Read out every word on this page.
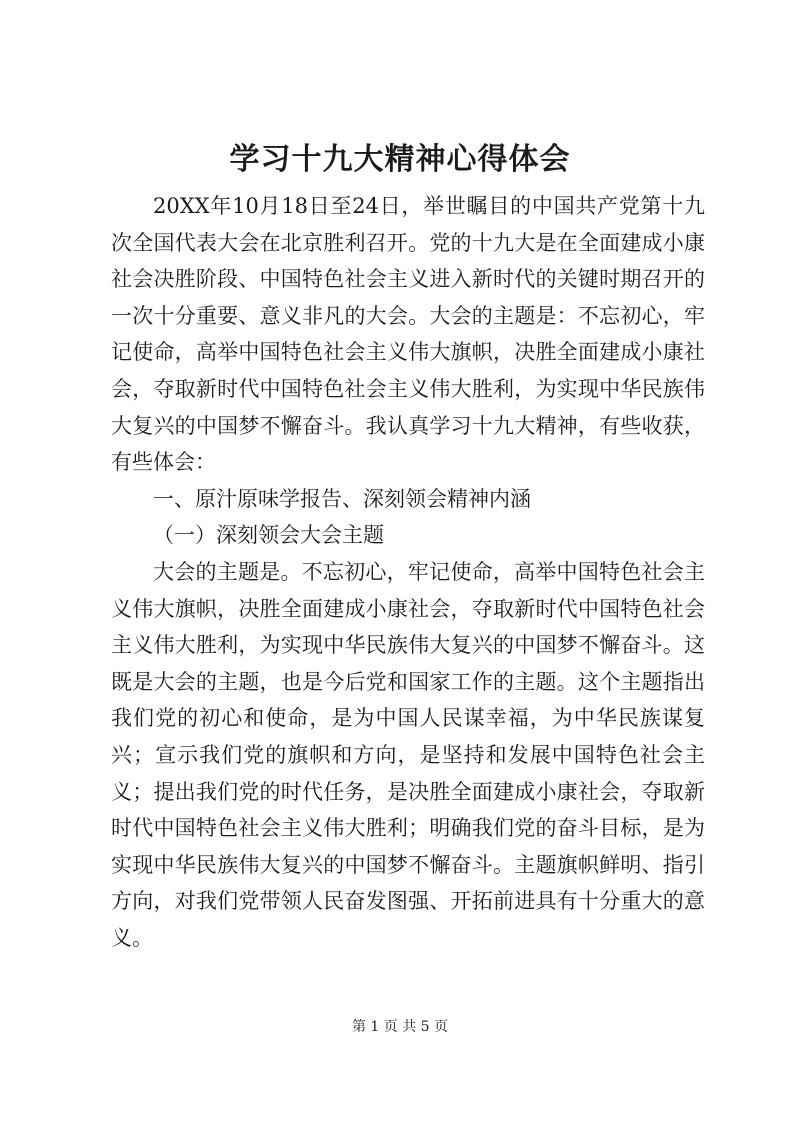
学习十九大精神心得体会

20XX年10月18日至24日，举世瞩目的中国共产党第十九次全国代表大会在北京胜利召开。党的十九大是在全面建成小康社会决胜阶段、中国特色社会主义进入新时代的关键时期召开的一次十分重要、意义非凡的大会。大会的主题是：不忘初心，牢记使命，高举中国特色社会主义伟大旗帜，决胜全面建成小康社会，夺取新时代中国特色社会主义伟大胜利，为实现中华民族伟大复兴的中国梦不懈奋斗。我认真学习十九大精神，有些收获，有些体会：

一、原汁原味学报告、深刻领会精神内涵

（一）深刻领会大会主题

大会的主题是。不忘初心，牢记使命，高举中国特色社会主义伟大旗帜，决胜全面建成小康社会，夺取新时代中国特色社会主义伟大胜利，为实现中华民族伟大复兴的中国梦不懈奋斗。这既是大会的主题，也是今后党和国家工作的主题。这个主题指出我们党的初心和使命，是为中国人民谋幸福，为中华民族谋复兴；宣示我们党的旗帜和方向，是坚持和发展中国特色社会主义；提出我们党的时代任务，是决胜全面建成小康社会，夺取新时代中国特色社会主义伟大胜利；明确我们党的奋斗目标，是为实现中华民族伟大复兴的中国梦不懈奋斗。主题旗帜鲜明、指引方向，对我们党带领人民奋发图强、开拓前进具有十分重大的意义。

第 1 页 共 5 页
